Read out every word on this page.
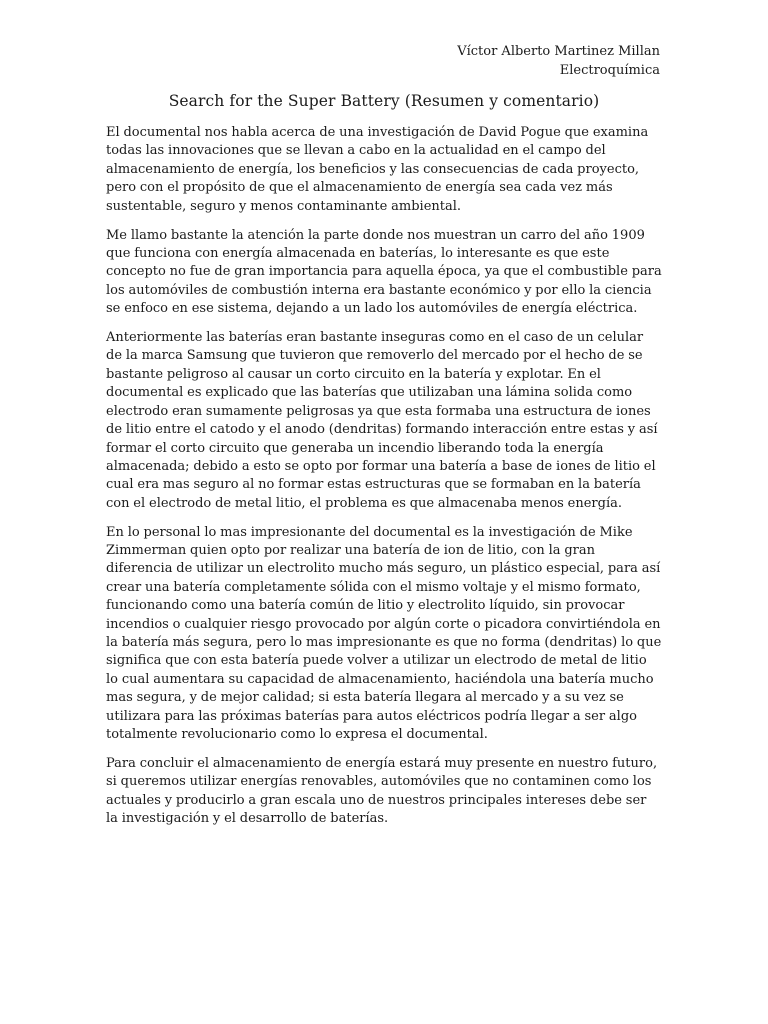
Víctor Alberto Martinez Millan
Electroquímica
Search for the Super Battery (Resumen y comentario)

El documental nos habla acerca de una investigación de David Pogue que examina todas las innovaciones que se llevan a cabo en la actualidad en el campo del almacenamiento de energía, los beneficios y las consecuencias de cada proyecto, pero con el propósito de que el almacenamiento de energía sea cada vez más sustentable, seguro y menos contaminante ambiental.

Me llamo bastante la atención la parte donde nos muestran un carro del año 1909 que funciona con energía almacenada en baterías, lo interesante es que este concepto no fue de gran importancia para aquella época, ya que el combustible para los automóviles de combustión interna era bastante económico y por ello la ciencia se enfoco en ese sistema, dejando a un lado los automóviles de energía eléctrica.

Anteriormente las baterías eran bastante inseguras como en el caso de un celular de la marca Samsung que tuvieron que removerlo del mercado por el hecho de se bastante peligroso al causar un corto circuito en la batería y explotar. En el documental es explicado que las baterías que utilizaban una lámina solida como electrodo eran sumamente peligrosas ya que esta formaba una estructura de iones de litio entre el catodo y el anodo (dendritas) formando interacción entre estas y así formar el corto circuito que generaba un incendio liberando toda la energía almacenada; debido a esto se opto por formar una batería a base de iones de litio el cual era mas seguro al no formar estas estructuras que se formaban en la batería con el electrodo de metal litio, el problema es que almacenaba menos energía.

En lo personal lo mas impresionante del documental es la investigación de Mike Zimmerman quien opto por realizar una batería de ion de litio, con la gran diferencia de utilizar un electrolito mucho más seguro, un plástico especial, para así crear una batería completamente sólida con el mismo voltaje y el mismo formato, funcionando como una batería común de litio y electrolito líquido, sin provocar incendios o cualquier riesgo provocado por algún corte o picadora convirtiéndola en la batería más segura, pero lo mas impresionante es que no forma (dendritas) lo que significa que con esta batería puede volver a utilizar un electrodo de metal de litio lo cual aumentara su capacidad de almacenamiento, haciéndola una batería mucho mas segura, y de mejor calidad; si esta batería llegara al mercado y a su vez se utilizara para las próximas baterías para autos eléctricos podría llegar a ser algo totalmente revolucionario como lo expresa el documental.

Para concluir el almacenamiento de energía estará muy presente en nuestro futuro, si queremos utilizar energías renovables, automóviles que no contaminen como los actuales y producirlo a gran escala uno de nuestros principales intereses debe ser la investigación y el desarrollo de baterías.
